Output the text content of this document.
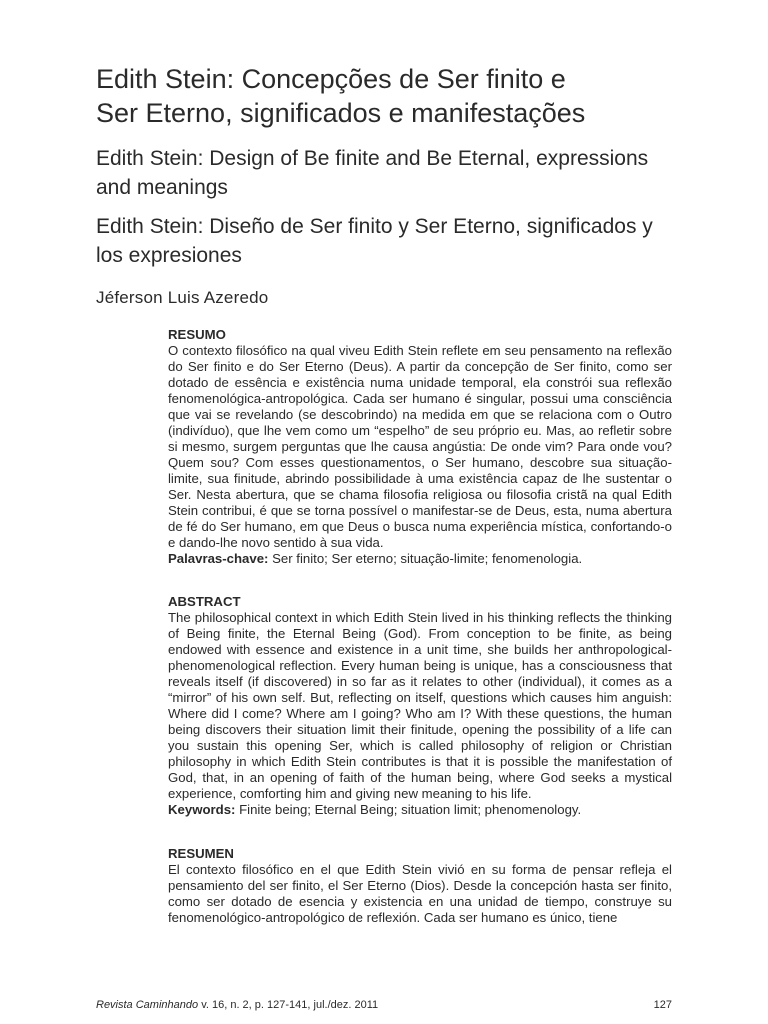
Edith Stein: Concepções de Ser finito e
Ser Eterno, significados e manifestações
Edith Stein: Design of Be finite and Be Eternal, expressions and meanings
Edith Stein: Diseño de Ser finito y Ser Eterno, significados y los expresiones

Jéferson Luis Azeredo

RESUMO

O contexto filosófico na qual viveu Edith Stein reflete em seu pensamento na reflexão do Ser finito e do Ser Eterno (Deus). A partir da concepção de Ser finito, como ser dotado de essência e existência numa unidade temporal, ela constrói sua reflexão fenomenológica-antropológica. Cada ser humano é singular, possui uma consciência que vai se revelando (se descobrindo) na medida em que se relaciona com o Outro (indivíduo), que lhe vem como um “espelho” de seu próprio eu. Mas, ao refletir sobre si mesmo, surgem perguntas que lhe causa angústia: De onde vim? Para onde vou? Quem sou? Com esses questionamentos, o Ser humano, descobre sua situação-limite, sua finitude, abrindo possibilidade à uma existência capaz de lhe sustentar o Ser. Nesta abertura, que se chama filosofia religiosa ou filosofia cristã na qual Edith Stein contribui, é que se torna possível o manifestar-se de Deus, esta, numa abertura de fé do Ser humano, em que Deus o busca numa experiência mística, confortando-o e dando-lhe novo sentido à sua vida.

Palavras-chave: Ser finito; Ser eterno; situação-limite; fenomenologia.

ABSTRACT

The philosophical context in which Edith Stein lived in his thinking reflects the thinking of Being finite, the Eternal Being (God). From conception to be finite, as being endowed with essence and existence in a unit time, she builds her anthropological-phenomenological reflection. Every human being is unique, has a consciousness that reveals itself (if discovered) in so far as it relates to other (individual), it comes as a “mirror” of his own self. But, reflecting on itself, questions which causes him anguish: Where did I come? Where am I going? Who am I? With these questions, the human being discovers their situation limit their finitude, opening the possibility of a life can you sustain this opening Ser, which is called philosophy of religion or Christian philosophy in which Edith Stein contributes is that it is possible the manifestation of God, that, in an opening of faith of the human being, where God seeks a mystical experience, comforting him and giving new meaning to his life.

Keywords: Finite being; Eternal Being; situation limit; phenomenology.

RESUMEN

El contexto filosófico en el que Edith Stein vivió en su forma de pensar refleja el pensamiento del ser finito, el Ser Eterno (Dios). Desde la concepción hasta ser finito, como ser dotado de esencia y existencia en una unidad de tiempo, construye su fenomenológico-antropológico de reflexión. Cada ser humano es único, tiene

Revista Caminhando v. 16, n. 2, p. 127-141, jul./dez. 2011	127
